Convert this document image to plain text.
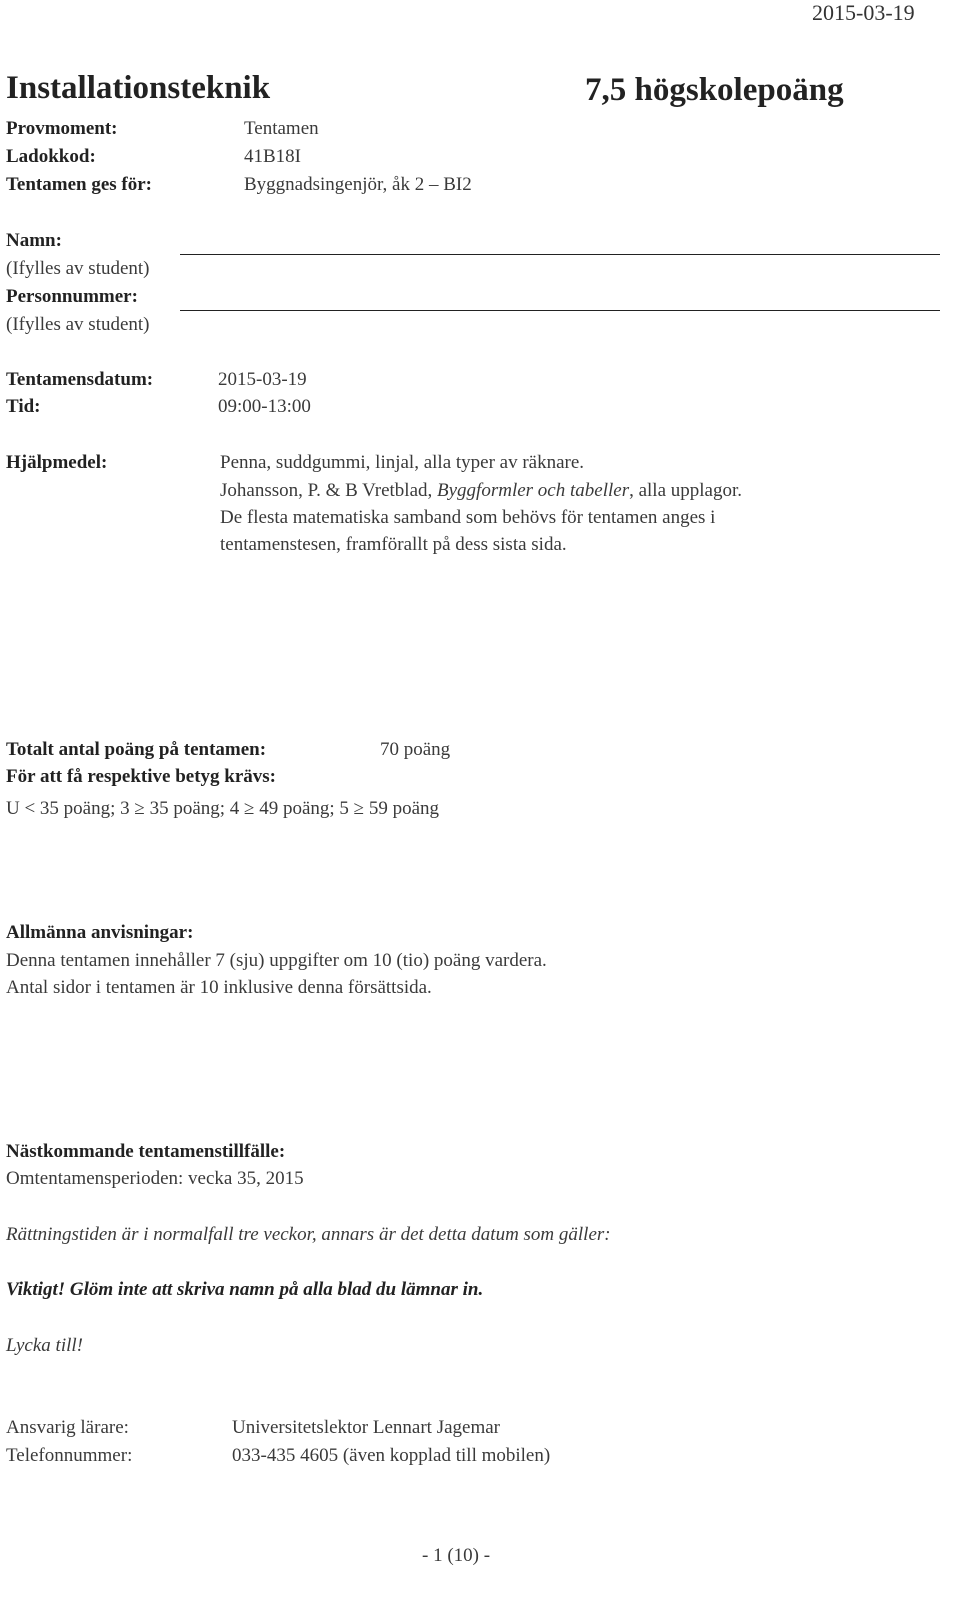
2015-03-19
Installationsteknik	7,5 högskolepoäng
Provmoment:	Tentamen
Ladokkod:	41B18I
Tentamen ges för:	Byggnadsingenjör, åk 2 – BI2
Namn:
(Ifylles av student)
Personnummer:
(Ifylles av student)
Tentamensdatum:	2015-03-19
Tid:	09:00-13:00
Hjälpmedel:	Penna, suddgummi, linjal, alla typer av räknare.
Johansson, P. & B Vretblad, Byggformler och tabeller, alla upplagor.
De flesta matematiska samband som behövs för tentamen anges i
tentamenstesen, framförallt på dess sista sida.
Totalt antal poäng på tentamen:	70 poäng
För att få respektive betyg krävs:
U < 35 poäng; 3 ≥ 35 poäng; 4 ≥ 49 poäng; 5 ≥ 59 poäng
Allmänna anvisningar:
Denna tentamen innehåller 7 (sju) uppgifter om 10 (tio) poäng vardera.
Antal sidor i tentamen är 10 inklusive denna försättsida.
Nästkommande tentamenstillfälle:
Omtentamensperioden: vecka 35, 2015
Rättningstiden är i normalfall tre veckor, annars är det detta datum som gäller:
Viktigt! Glöm inte att skriva namn på alla blad du lämnar in.
Lycka till!
Ansvarig lärare:	Universitetslektor Lennart Jagemar
Telefonnummer:	033-435 4605 (även kopplad till mobilen)
- 1 (10) -
